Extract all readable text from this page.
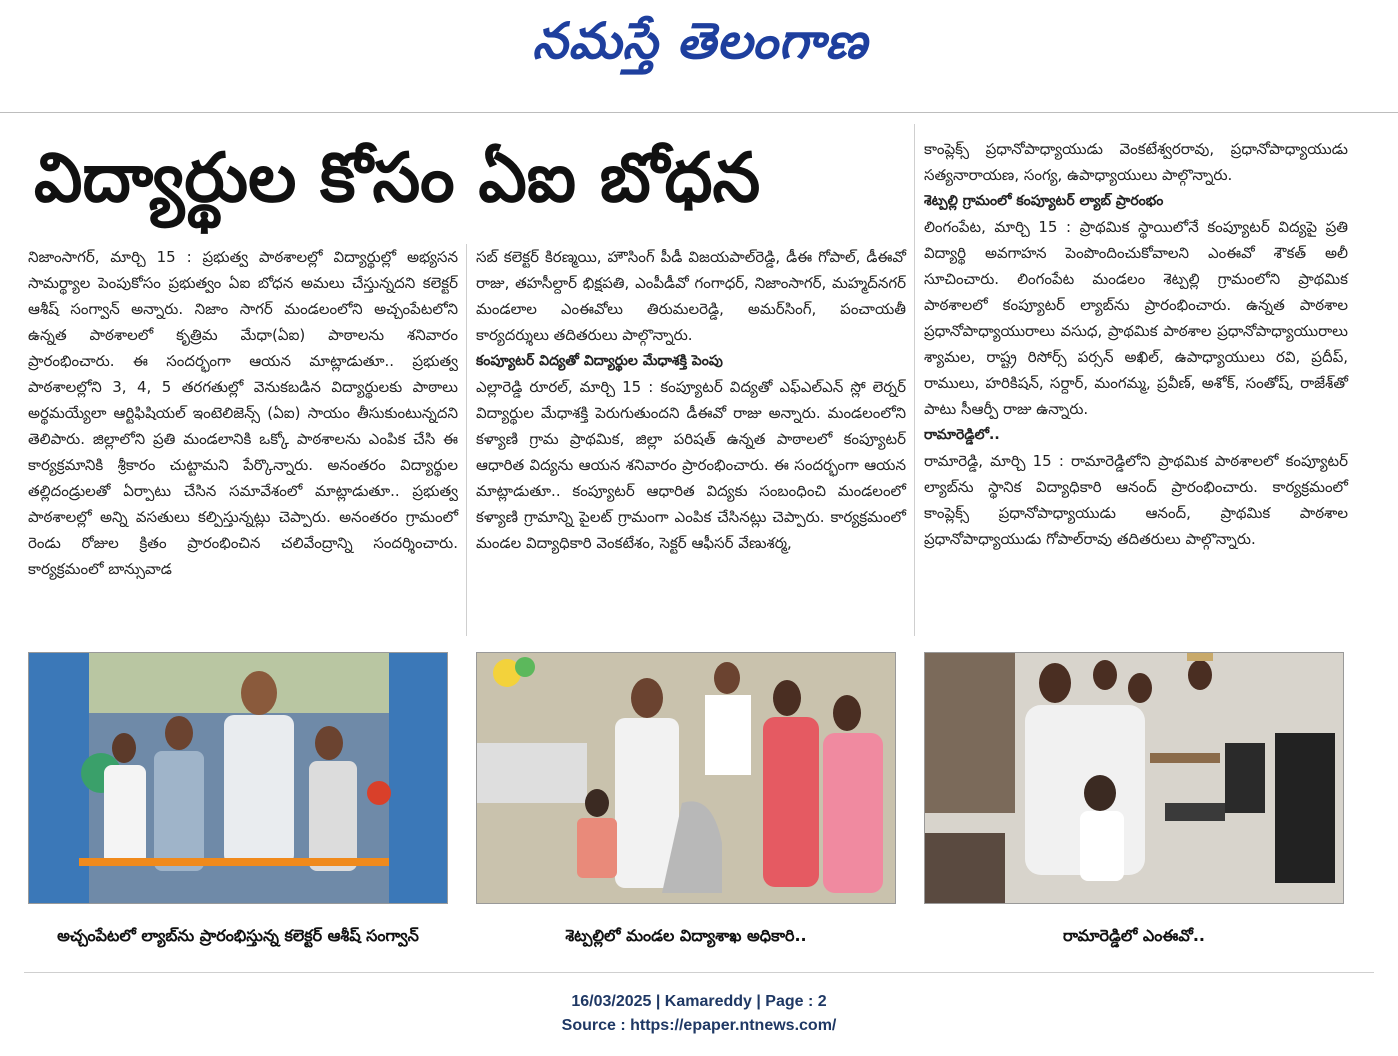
నమస్తే తెలంగాణ
విద్యార్థుల కోసం ఏఐ బోధన

నిజాంసాగర్, మార్చి 15 : ప్రభుత్వ పాఠశాలల్లో విద్యార్థుల్లో అభ్యసన సామర్థ్యాల పెంపుకోసం ప్రభుత్వం ఏఐ బోధన అమలు చేస్తున్నదని కలెక్టర్ ఆశీష్ సంగ్వాన్ అన్నారు. నిజాం సాగర్ మండలంలోని అచ్చంపేటలోని ఉన్నత పాఠశాలలో కృత్రిమ మేధా(ఏఐ) పాఠాలను శనివారం ప్రారంభించారు. ఈ సందర్భంగా ఆయన మాట్లాడుతూ.. ప్రభుత్వ పాఠశాలల్లోని 3, 4, 5 తరగతుల్లో వెనుకబడిన విద్యార్థులకు పాఠాలు అర్థమయ్యేలా ఆర్టిఫిషియల్ ఇంటెలిజెన్స్ (ఏఐ) సాయం తీసుకుంటున్నదని తెలిపారు. జిల్లాలోని ప్రతి మండలానికి ఒక్కో పాఠశాలను ఎంపిక చేసి ఈ కార్యక్రమానికి శ్రీకారం చుట్టామని పేర్కొన్నారు. అనంతరం విద్యార్థుల తల్లిదండ్రులతో ఏర్పాటు చేసిన సమావేశంలో మాట్లాడుతూ.. ప్రభుత్వ పాఠశాలల్లో అన్ని వసతులు కల్పిస్తున్నట్లు చెప్పారు. అనంతరం గ్రామంలో రెండు రోజుల క్రితం ప్రారంభించిన చలివేంద్రాన్ని సందర్శించారు. కార్యక్రమంలో బాన్సువాడ

సబ్ కలెక్టర్ కిరణ్మయి, హౌసింగ్ పీడీ విజయపాల్‌రెడ్డి, డీఈ గోపాల్, డీఈవో రాజు, తహసీల్దార్ భిక్షపతి, ఎంపీడీవో గంగాధర్, నిజాంసాగర్, మహ్మద్‌నగర్ మండలాల ఎంఈవోలు తిరుమలరెడ్డి, అమర్‌సింగ్, పంచాయతీ కార్యదర్శులు తదితరులు పాల్గొన్నారు.

కంప్యూటర్ విద్యతో విద్యార్థుల మేధాశక్తి పెంపు

ఎల్లారెడ్డి రూరల్, మార్చి 15 : కంప్యూటర్ విద్యతో ఎఫ్‌ఎల్‌ఎన్ స్లో లెర్నర్ విద్యార్థుల మేధాశక్తి పెరుగుతుందని డీఈవో రాజు అన్నారు. మండలంలోని కళ్యాణి గ్రామ ప్రాథమిక, జిల్లా పరిషత్ ఉన్నత పాఠాలలో కంప్యూటర్ ఆధారిత విద్యను ఆయన శనివారం ప్రారంభించారు. ఈ సందర్భంగా ఆయన మాట్లాడుతూ.. కంప్యూటర్ ఆధారిత విద్యకు సంబంధించి మండలంలో కళ్యాణి గ్రామాన్ని పైలట్ గ్రామంగా ఎంపిక చేసినట్లు చెప్పారు. కార్యక్రమంలో మండల విద్యాధికారి వెంకటేశం, సెక్టర్ ఆఫీసర్ వేణుశర్మ,

కాంప్లెక్స్ ప్రధానోపాధ్యాయుడు వెంకటేశ్వరరావు, ప్రధానోపాధ్యాయుడు సత్యనారాయణ, సంగ్య, ఉపాధ్యాయులు పాల్గొన్నారు.

శెట్పల్లి గ్రామంలో కంప్యూటర్ ల్యాబ్ ప్రారంభం

లింగంపేట, మార్చి 15 : ప్రాథమిక స్థాయిలోనే కంప్యూటర్ విద్యపై ప్రతి విద్యార్థి అవగాహన పెంపొందించుకోవాలని ఎంఈవో శౌకత్ అలీ సూచించారు. లింగంపేట మండలం శెట్పల్లి గ్రామంలోని ప్రాథమిక పాఠశాలలో కంప్యూటర్ ల్యాబ్‌ను ప్రారంభించారు. ఉన్నత పాఠశాల ప్రధానోపాధ్యాయురాలు వసుధ, ప్రాథమిక పాఠశాల ప్రధానోపాధ్యాయురాలు శ్యామల, రాష్ట్ర రిసోర్స్ పర్సన్ అఖిల్, ఉపాధ్యాయులు రవి, ప్రదీప్, రాములు, హరికిషన్, సర్దార్, మంగమ్మ, ప్రవీణ్, అశోక్, సంతోష్, రాజేశ్‌తో పాటు సీఆర్పీ రాజు ఉన్నారు.

రామారెడ్డిలో..

రామారెడ్డి, మార్చి 15 : రామారెడ్డిలోని ప్రాథమిక పాఠశాలలో కంప్యూటర్ ల్యాబ్‌ను స్థానిక విద్యాధికారి ఆనంద్ ప్రారంభించారు. కార్యక్రమంలో కాంప్లెక్స్ ప్రధానోపాధ్యాయుడు ఆనంద్, ప్రాథమిక పాఠశాల ప్రధానోపాధ్యాయుడు గోపాల్‌రావు తదితరులు పాల్గొన్నారు.

అచ్చంపేటలో ల్యాబ్‌ను ప్రారంభిస్తున్న కలెక్టర్ ఆశీష్ సంగ్వాన్	శెట్పల్లిలో మండల విద్యాశాఖ అధికారి..	రామారెడ్డిలో ఎంఈవో..
16/03/2025 | Kamareddy | Page : 2
Source : https://epaper.ntnews.com/
